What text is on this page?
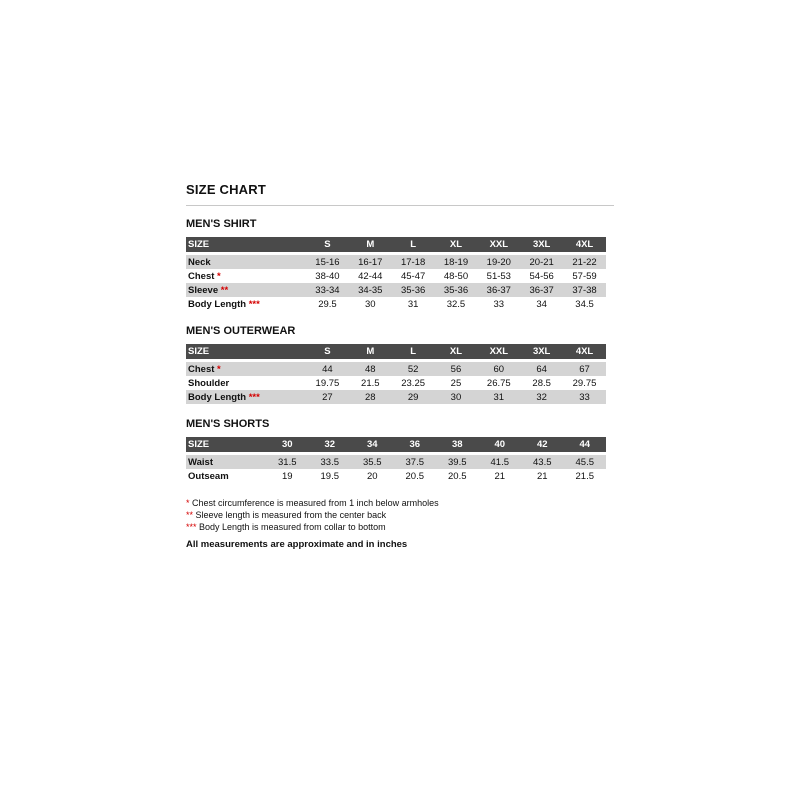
SIZE CHART
MEN'S SHIRT
SIZE	S	M	L	XL	XXL	3XL	4XL
Neck	15-16	16-17	17-18	18-19	19-20	20-21	21-22
Chest *	38-40	42-44	45-47	48-50	51-53	54-56	57-59
Sleeve **	33-34	34-35	35-36	35-36	36-37	36-37	37-38
Body Length ***	29.5	30	31	32.5	33	34	34.5
MEN'S OUTERWEAR
SIZE	S	M	L	XL	XXL	3XL	4XL
Chest *	44	48	52	56	60	64	67
Shoulder	19.75	21.5	23.25	25	26.75	28.5	29.75
Body Length ***	27	28	29	30	31	32	33
MEN'S SHORTS
SIZE	30	32	34	36	38	40	42	44
Waist	31.5	33.5	35.5	37.5	39.5	41.5	43.5	45.5
Outseam	19	19.5	20	20.5	20.5	21	21	21.5
* Chest circumference is measured from 1 inch below armholes
** Sleeve length is measured from the center back
*** Body Length is measured from collar to bottom
All measurements are approximate and in inches
